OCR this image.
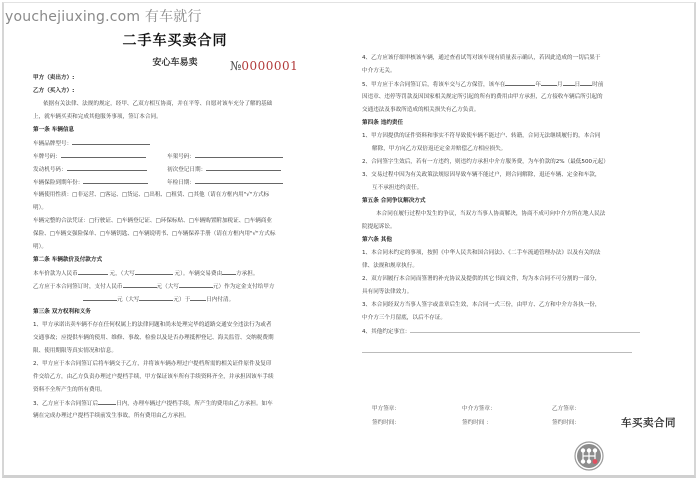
youchejiuxing.com 有车就行
二手车买卖合同
安心车易卖	№0000001
甲方（卖出方）:
乙方（买入方）:
依据有关法律、法规的规定，经甲、乙双方相互协商，并在平等、自愿对该车充分了解的基础
上，就车辆买卖和完成其他服务事项，签订本合同。
第一条 车辆信息
车辆品牌型号：
车牌号码：	车架号码：
发动机号码：	初次登记日期：
车辆保险到期年份：	年检日期：
车辆使用性质：□非运营、□客运、□货运、□出租、□租赁、□其他（请在方框内用"√"方式标
明）。
车辆完整的合法凭证：□行驶证、□车辆登记证、□环保标贴、□车辆购置附加税证、□车辆商业
保险、□车辆交强险保单、□车辆钥匙、□车辆说明书、□车辆保养手册（请在方框内用"√"方式标
明）。
第二条 车辆款价及付款方式
本车价款为人民币	元，（大写	元）。车辆交易费由	方承担。
乙方应于本合同签订时，支付人民币	元（大写	元）作为定金支付给甲方
元（大写	元）于	日内付清。
第三条 双方权利和义务
1、甲方承诺出卖车辆不存在任何权属上的法律问题和尚未处理完毕的道路交通安全违法行为或者
交通事故；应提供车辆的使用、维修、事故、检验以及是否办理抵押登记、海关监管、交纳税费期
限、使用期限等真实情况和信息。
2、甲方应于本合同签订后将车辆交于乙方，并将该车辆办理过户提档所需的相关证件原件及复印
件交给乙方，由乙方负责办理过户提档手续，甲方保证该车所有手续资料齐全，并承担因该车手续
资料不全所产生的所有费用。
3、乙方应于本合同签订后	日内，办理车辆过户提档手续，所产生的费用由乙方承担。如车
辆在完成办理过户提档手续前发生事故，所有费用由乙方承担。
4、乙方应该仔细审核该车辆，通过查看试驾对该车现有质量表示确认，若因此造成的一切后果于
中介方无关。
5、甲方应于本合同签订后，将该车交与乙方保管，该车在	年	月 日 时前
因违章、违停等罚款及因国家相关规定所引起的所有的费用由甲方承担，乙方接收车辆后所引起的
交通违法及事故所造成的相关损失有乙方负责。
第四条 违约责任
1、甲方因提供的证件资料和事实不符导致使车辆不能过户、转籍，合同无法继续履行的，本合同
解除，甲方向乙方双倍返还定金并赔偿乙方相应损失。
2、合同签字生效后，若有一方违约，则违约方承担中介方服务费，为车价款的2%（最低500元起）
3、交易过程中因为有关政策法规原因导致车辆不能过户，则合同解除，退还车辆、定金和车款，
互不承担违约责任。
第五条 合同争议解决方式
本合同在履行过程中发生的争议，当双方当事人协商解决，协商不成可向中介方所在地人民法
院提起诉讼。
第六条 其他
1、本合同未约定的事项，按照《中华人民共和国合同法》、《二手车流通管理办法》以及有关的法
律、法规和规章执行。
2、双方因履行本合同而签署的补充协议及提供的其它书面文件，均为本合同不可分割的一部分，
具有同等法律效力。
3、本合同经双方当事人签字或盖章后生效，本合同一式三份，由甲方、乙方和中介方各执一份，
中介方三个月留底，以后不存证。
4、其他约定事宜：
甲方签章：	中介方签章：	乙方签章：
签约时间：	签约时间 ：	签约时间：	车买卖合同
